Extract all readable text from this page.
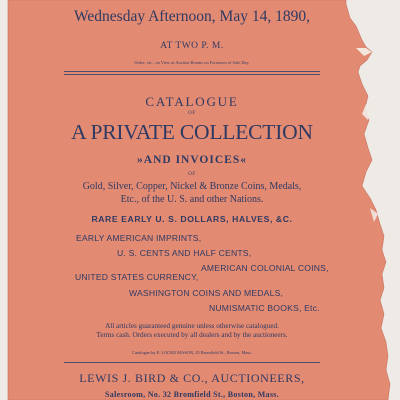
Wednesday Afternoon, May 14, 1890,

AT TWO P. M.

Order, etc., on View at Auction Rooms on Forenoon of Sale Day.

CATALOGUE

OF

A PRIVATE COLLECTION

»AND INVOICES«

OF

Gold, Silver, Copper, Nickel & Bronze Coins, Medals,

Etc., of the U. S. and other Nations.

RARE EARLY U. S. DOLLARS, HALVES, &C.

EARLY AMERICAN IMPRINTS,

U. S. CENTS AND HALF CENTS,

AMERICAN COLONIAL COINS,

UNITED STATES CURRENCY,

WASHINGTON COINS AND MEDALS,

NUMISMATIC BOOKS, Etc.

All articles guaranteed genuine unless otherwise catalogued.

Terms cash. Orders executed by all dealers and by the auctioneers.

Catalogue by E. LOCKE MASON, 25 Bromfield St., Boston, Mass.

LEWIS J. BIRD & CO., AUCTIONEERS,

Salesroom, No. 32 Bromfield St., Boston, Mass.
